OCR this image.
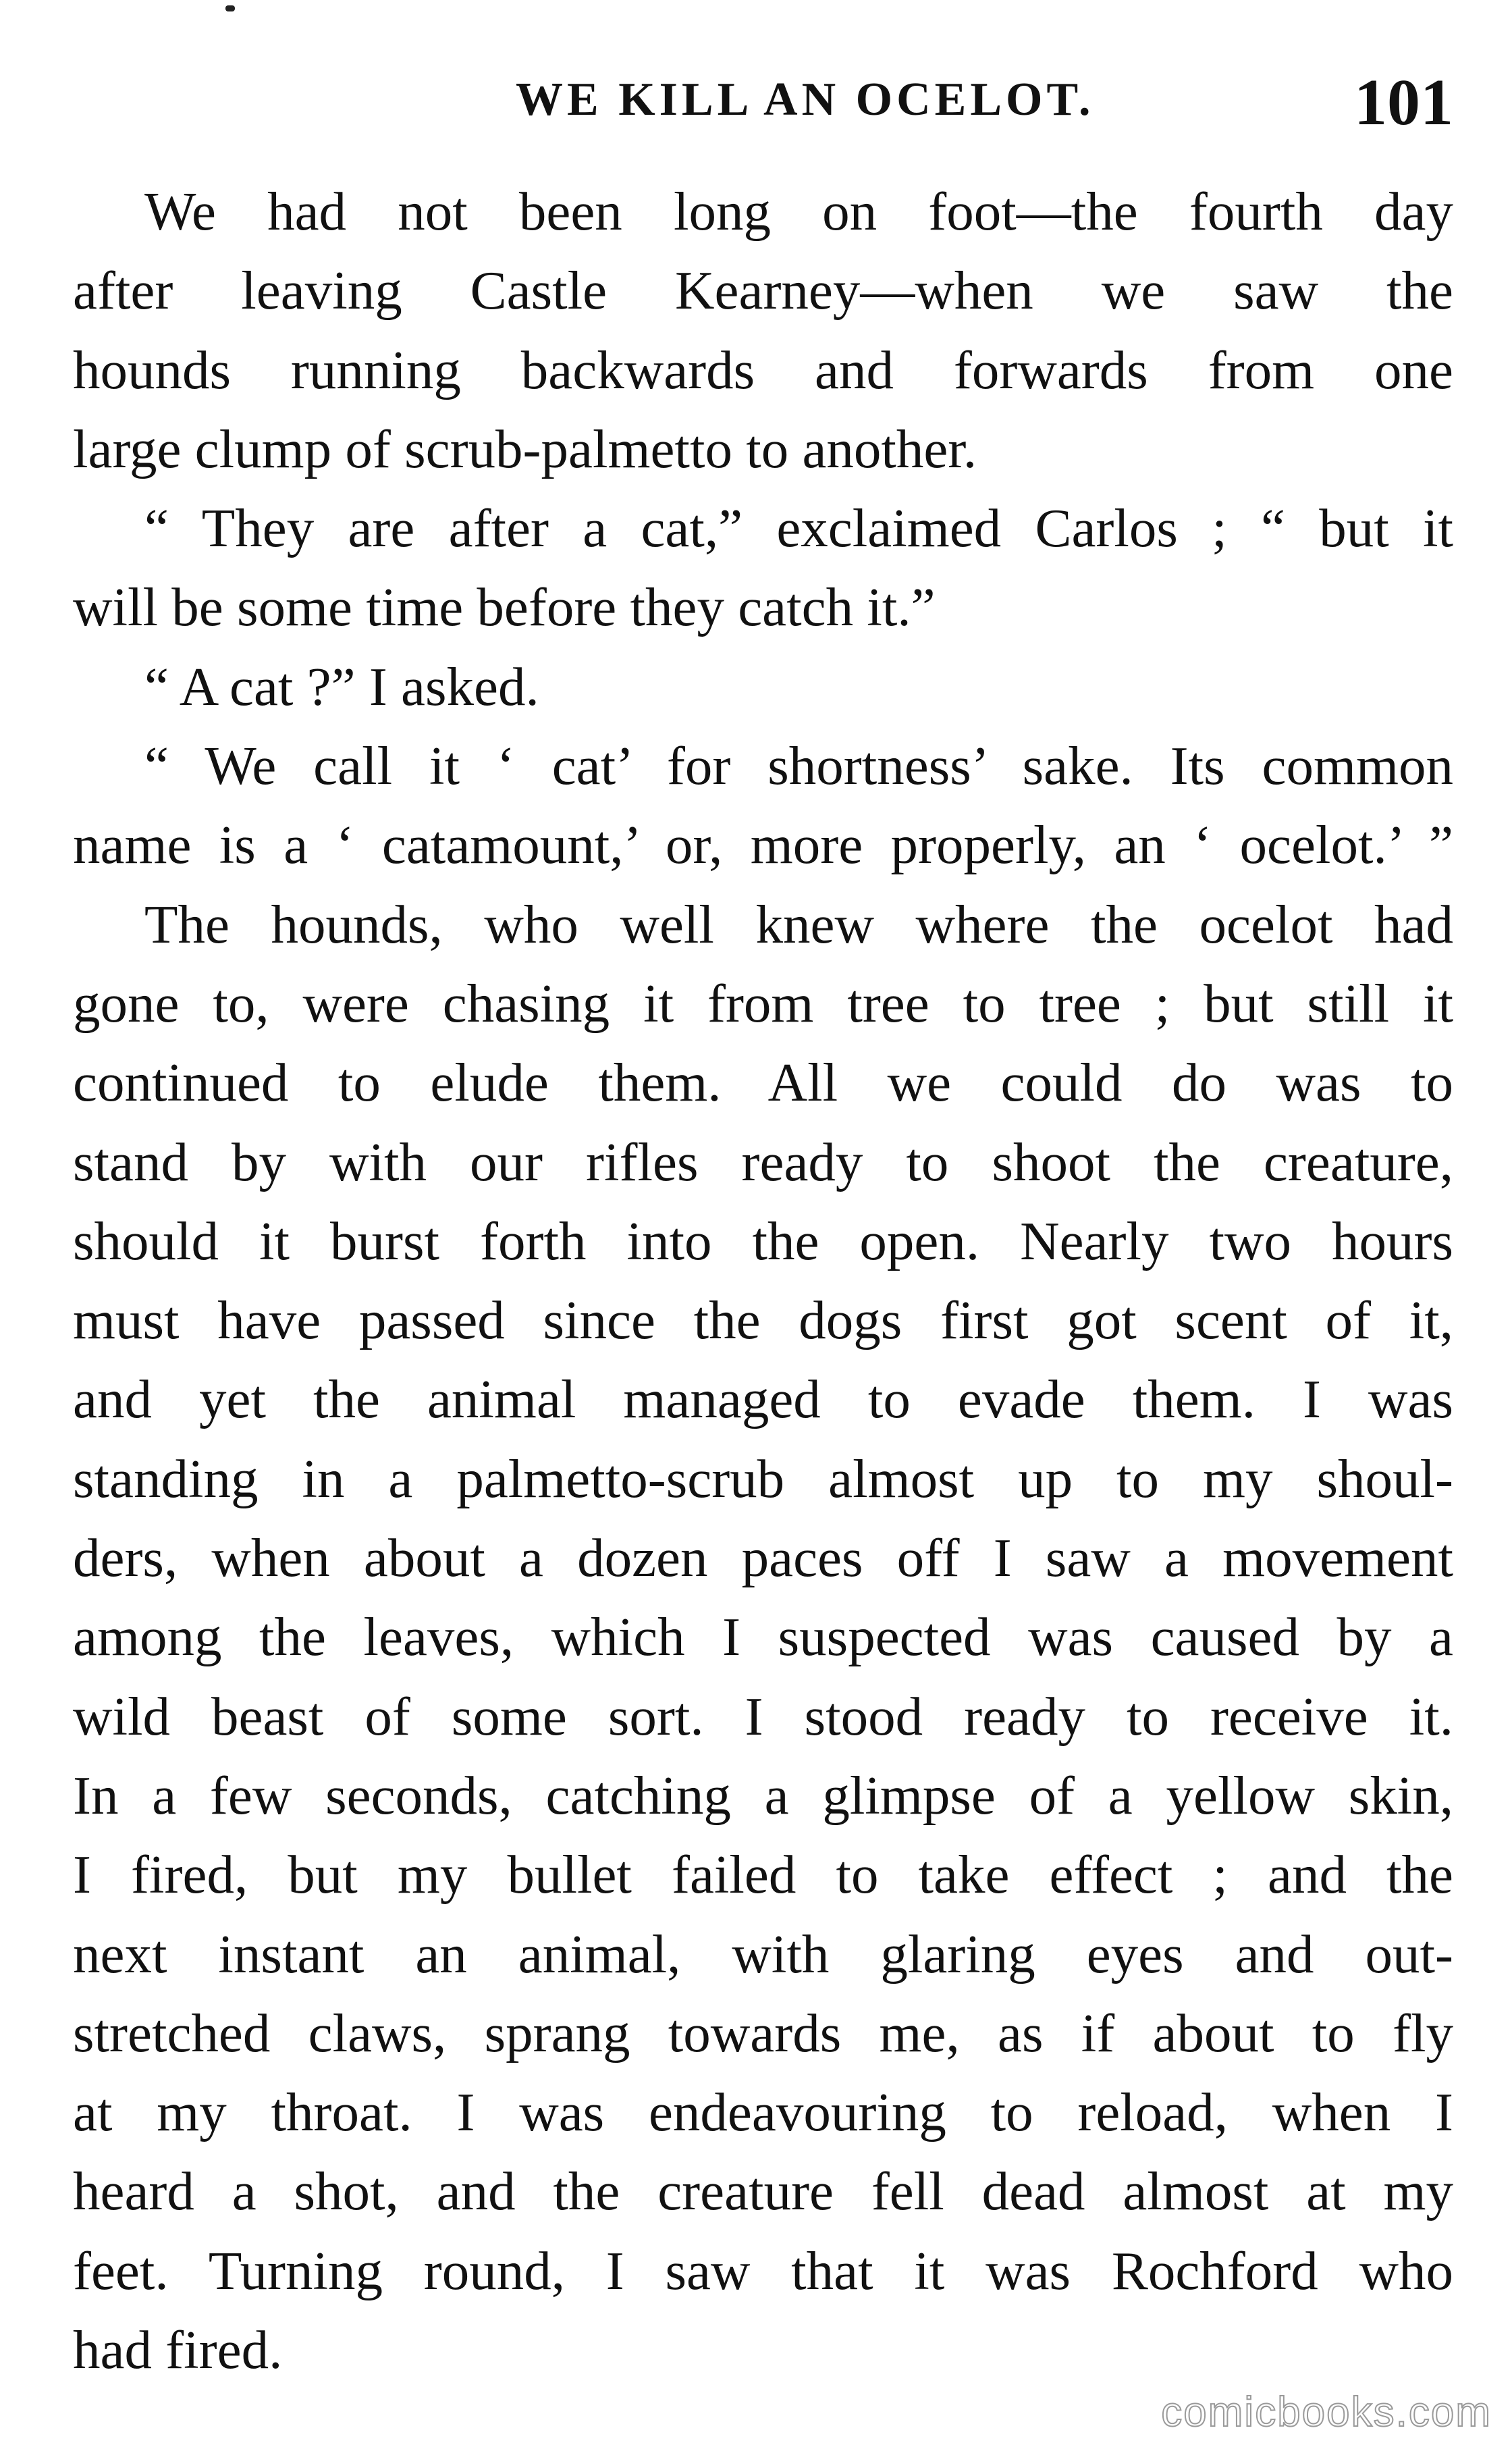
WE KILL AN OCELOT.	101
We had not been long on foot—the fourth day
after leaving Castle Kearney—when we saw the
hounds running backwards and forwards from one
large clump of scrub-palmetto to another.
“ They are after a cat,” exclaimed Carlos ; “ but it
will be some time before they catch it.”
“ A cat ?” I asked.
“ We call it ‘ cat’ for shortness’ sake. Its common
name is a ‘ catamount,’ or, more properly, an ‘ ocelot.’ ”
The hounds, who well knew where the ocelot had
gone to, were chasing it from tree to tree ; but still it
continued to elude them. All we could do was to
stand by with our rifles ready to shoot the creature,
should it burst forth into the open. Nearly two hours
must have passed since the dogs first got scent of it,
and yet the animal managed to evade them. I was
standing in a palmetto-scrub almost up to my shoul-
ders, when about a dozen paces off I saw a movement
among the leaves, which I suspected was caused by a
wild beast of some sort. I stood ready to receive it.
In a few seconds, catching a glimpse of a yellow skin,
I fired, but my bullet failed to take effect ; and the
next instant an animal, with glaring eyes and out-
stretched claws, sprang towards me, as if about to fly
at my throat. I was endeavouring to reload, when I
heard a shot, and the creature fell dead almost at my
feet. Turning round, I saw that it was Rochford who
had fired.
comicbooks.com
